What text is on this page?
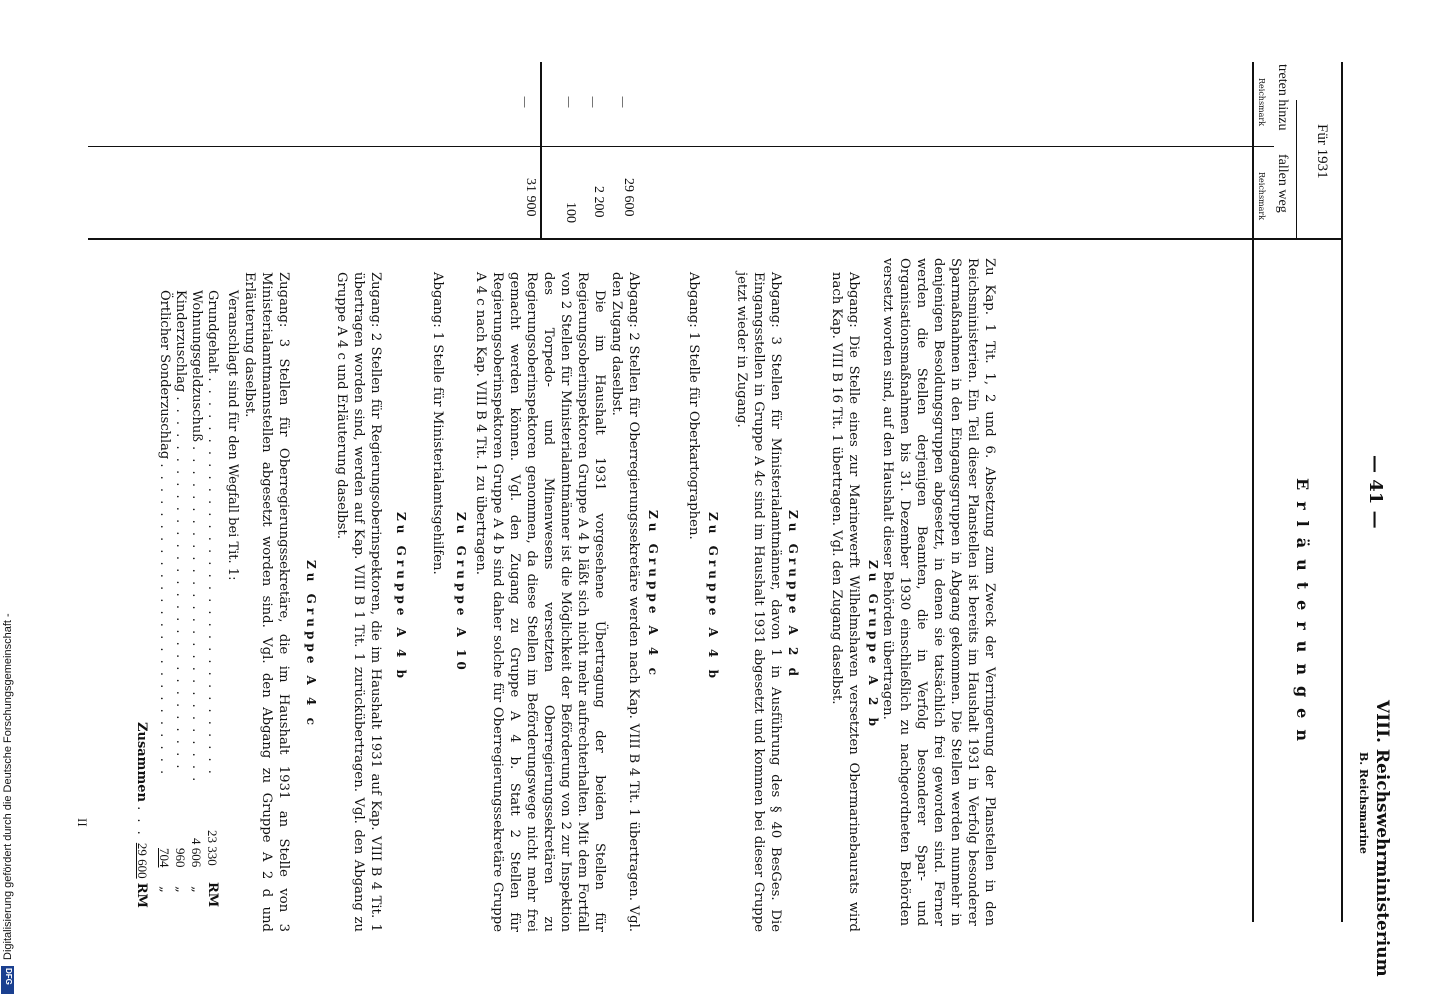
VIII. Reichswehrministerium
B. Reichsmarine
— 41 —
Erläuterungen
Für 1931
treten hinzu
fallen weg
Reichsmark
Reichsmark
29 600
2 200
100
31 900
—
—
—
—

Zu Kap. 1 Tit. 1, 2 und 6. Absetzung zum Zweck der Verringerung der Planstellen in den Reichsministerien. Ein Teil dieser Planstellen ist bereits im Haushalt 1931 in Verfolg besonderer Sparmaßnahmen in den Eingangsgruppen in Abgang gekommen. Die Stellen werden nunmehr in denjenigen Besoldungsgruppen abgesetzt, in denen sie tatsächlich frei geworden sind. Ferner werden die Stellen derjenigen Beamten, die in Verfolg besonderer Spar- und Organisationsmaßnahmen bis 31. Dezember 1930 einschließlich zu nachgeordneten Behörden versetzt worden sind, auf den Haushalt dieser Behörden übertragen.

Zu Gruppe A 2 b

Abgang: Die Stelle eines zur Marinewerft Wilhelmshaven versetzten Obermarinebaurats wird nach Kap. VIII B 16 Tit. 1 übertragen. Vgl. den Zugang daselbst.

Zu Gruppe A 2 d

Abgang: 3 Stellen für Ministerialamtmänner, davon 1 in Ausführung des § 40 BesGes. Die Eingangsstellen in Gruppe A 4c sind im Haushalt 1931 abgesetzt und kommen bei dieser Gruppe jetzt wieder in Zugang.

Zu Gruppe A 4 b

Abgang: 1 Stelle für Oberkartographen.

Zu Gruppe A 4 c

Abgang: 2 Stellen für Oberregierungssekretäre werden nach Kap. VIII B 4 Tit. 1 übertragen. Vgl. den Zugang daselbst.

Die im Haushalt 1931 vorgesehene Übertragung der beiden Stellen für Regierungsoberinspektoren Gruppe A 4 b läßt sich nicht mehr aufrechterhalten. Mit dem Fortfall von 2 Stellen für Ministerialamtmänner ist die Möglichkeit der Beförderung von 2 zur Inspektion des Torpedo- und Minenwesens versetzten Oberregierungssekretären zu Regierungsoberinspektoren genommen, da diese Stellen im Beförderungswege nicht mehr frei gemacht werden können. Vgl. den Zugang zu Gruppe A 4 b. Statt 2 Stellen für Regierungsoberinspektoren Gruppe A 4 b sind daher solche für Oberregierungssekretäre Gruppe A 4 c nach Kap. VIII B 4 Tit. 1 zu übertragen.

Zu Gruppe A 10

Abgang: 1 Stelle für Ministerialamtsgehilfen.

Zu Gruppe A 4 b

Zugang: 2 Stellen für Regierungsoberinspektoren, die im Haushalt 1931 auf Kap. VIII B 4 Tit. 1 übertragen worden sind, werden auf Kap. VIII B 1 Tit. 1 zurückübertragen. Vgl. den Abgang zu Gruppe A 4 c und Erläuterung daselbst.

Zu Gruppe A 4 c

Zugang: 3 Stellen für Oberregierungssekretäre, die im Haushalt 1931 an Stelle von 3 Ministerialamtmannstellen abgesetzt worden sind. Vgl. den Abgang zu Gruppe A 2 d und Erläuterung daselbst.

Veranschlagt sind für den Wegfall bei Tit. 1:
Grundgehalt . . . . . . . . . . . . . . . . . . . . . . . . . . . . . . . . .
23 330
RM
Wohnungsgeldzuschuß . . . . . . . . . . . . . . . . . . . . . . . . . . . .
4 606
„
Kinderzuschlag . . . . . . . . . . . . . . . . . . . . . . . . . . . . . . .
960
„
Örtlicher Sonderzuschlag . . . . . . . . . . . . . . . . . . . . . . . . . .
704
„
Zusammen . . . 29 600 RM
II
Digitalisierung gefördert durch die Deutsche Forschungsgemeinschaft -
DFG
